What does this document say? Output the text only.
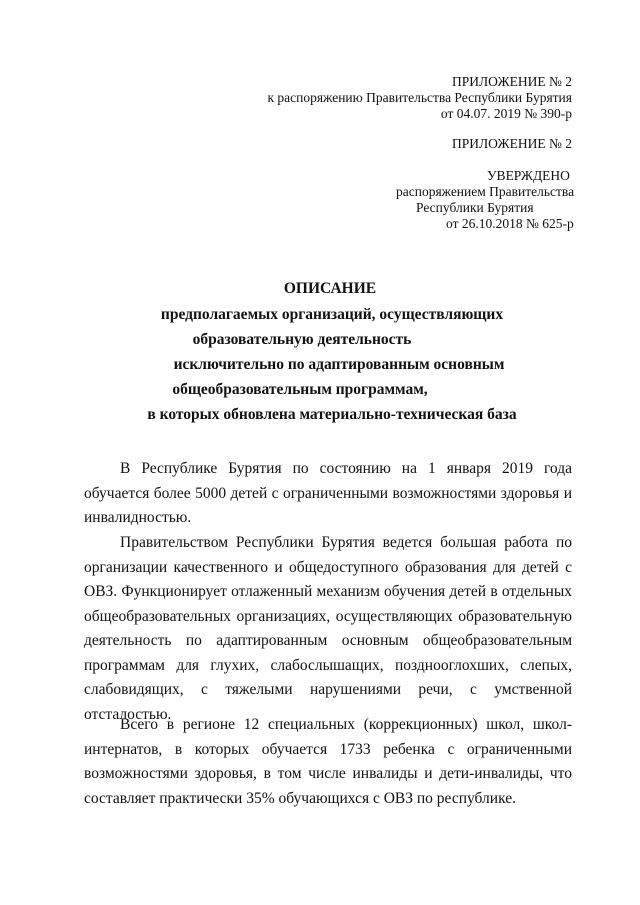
ПРИЛОЖЕНИЕ № 2
к распоряжению Правительства Республики Бурятия
от 04.07. 2019 № 390-р
ПРИЛОЖЕНИЕ № 2
УВЕРЖДЕНО
распоряжением Правительства
Республики Бурятия
от 26.10.2018 № 625-р
ОПИСАНИЕ
предполагаемых организаций, осуществляющих
образовательную деятельность
исключительно по адаптированным основным
общеобразовательным программам,
в которых обновлена материально-техническая база

В Республике Бурятия по состоянию на 1 января 2019 года обучается более 5000 детей с ограниченными возможностями здоровья и инвалидностью.

Правительством Республики Бурятия ведется большая работа по организации качественного и общедоступного образования для детей с ОВЗ. Функционирует отлаженный механизм обучения детей в отдельных общеобразовательных организациях, осуществляющих образовательную деятельность по адаптированным основным общеобразовательным программам для глухих, слабослышащих, позднооглохших, слепых, слабовидящих, с тяжелыми нарушениями речи, с умственной отсталостью.

Всего в регионе 12 специальных (коррекционных) школ, школ-интернатов, в которых обучается 1733 ребенка с ограниченными возможностями здоровья, в том числе инвалиды и дети-инвалиды, что составляет практически 35% обучающихся с ОВЗ по республике.
